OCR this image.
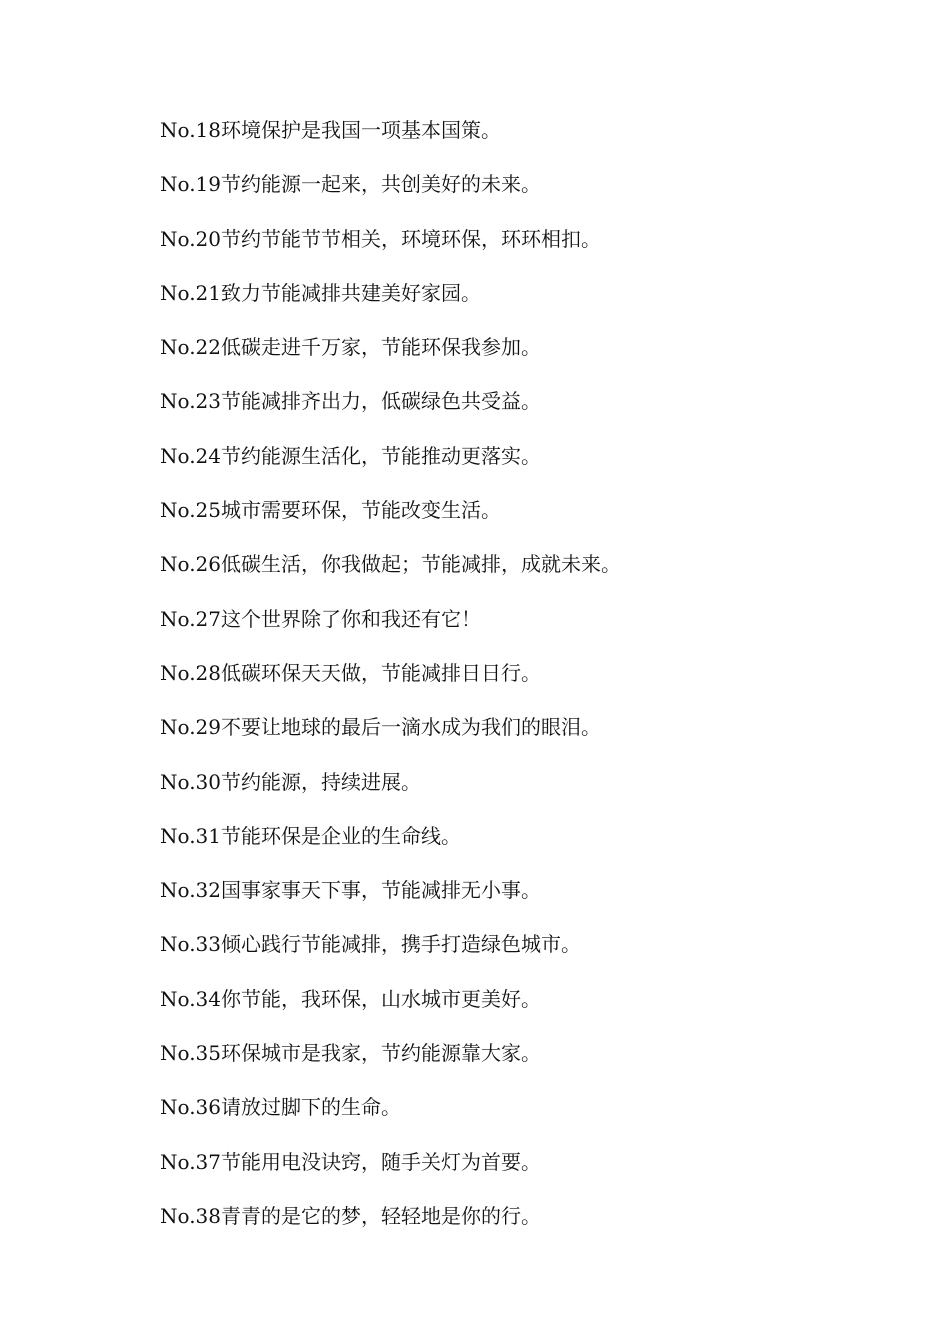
No.18环境保护是我国一项基本国策。
No.19节约能源一起来，共创美好的未来。
No.20节约节能节节相关，环境环保，环环相扣。
No.21致力节能减排共建美好家园。
No.22低碳走进千万家，节能环保我参加。
No.23节能减排齐出力，低碳绿色共受益。
No.24节约能源生活化，节能推动更落实。
No.25城市需要环保，节能改变生活。
No.26低碳生活，你我做起；节能减排，成就未来。
No.27这个世界除了你和我还有它！
No.28低碳环保天天做，节能减排日日行。
No.29不要让地球的最后一滴水成为我们的眼泪。
No.30节约能源，持续进展。
No.31节能环保是企业的生命线。
No.32国事家事天下事，节能减排无小事。
No.33倾心践行节能减排，携手打造绿色城市。
No.34你节能，我环保，山水城市更美好。
No.35环保城市是我家，节约能源靠大家。
No.36请放过脚下的生命。
No.37节能用电没诀窍，随手关灯为首要。
No.38青青的是它的梦，轻轻地是你的行。
